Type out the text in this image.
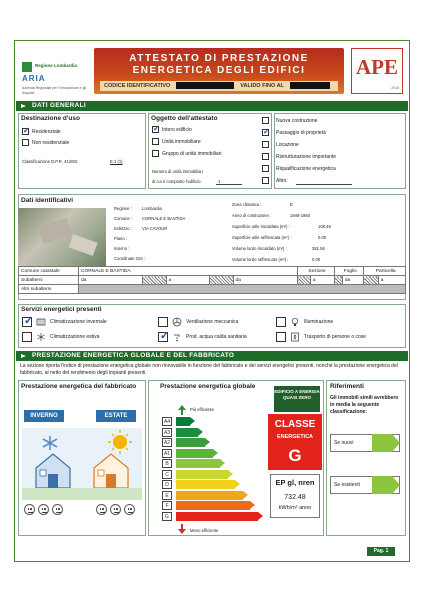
Regione Lombardia
ARIA
Azienda Regionale per l'Innovazione e gli Acquisti
ATTESTATO DI PRESTAZIONE
ENERGETICA DEGLI EDIFICI
CODICE IDENTIFICATIVO	VALIDO FINO AL
APE
2015
DATI GENERALI
Destinazione d'uso
✓
Residenziale
Non residenziale
Classificazione D.P.R. 412/93:	E.1 (1)
Oggetto dell'attestato
✓
Intero edificio
Unità immobiliare
Gruppo di unità immobiliari
Numero di unità immobiliari
di cui è composto l'edificio:	1
Nuova costruzione
✓
Passaggio di proprietà
Locazione
Ristrutturazione importante
Riqualificazione energetica
Altro:
Dati identificativi
Regione : Lombardia
Comune : CORNALE E BASTIDA
Indirizzo : VIA CAVOUR
Piano :
Interno :
Coordinate GIS :
Zona climatica :	E
Anno di costruzione :	1946-1960
Superficie utile riscaldata (m²) :	108.48
Superficie utile raffrescata (m²) :	0.00
Volume lordo riscaldato (m³) :	381.56
Volume lordo raffrescato (m³) :	0.00
Comune catastale	CORNALE E BASTIDA					Sezione		Foglio		Particella	
Subalterni	da		a		da		a		da		a
Altri subalterni											
Servizi energetici presenti
✓
Climatizzazione invernale
Climatizzazione estiva
Ventilazione meccanica
✓
Prod. acqua calda sanitaria
Illuminazione
Trasporto di persone o cose
PRESTAZIONE ENERGETICA GLOBALE E DEL FABBRICATO
La sezione riporta l'indice di prestazione energetica globale non rinnovabile in funzione del fabbricato e dei servizi energetici presenti, nonché la prestazione energetica del fabbricato, al netto del rendimento degli impianti presenti.
Prestazione energetica del fabbricato
INVERNO	ESTATE
Prestazione energetica globale
Più efficiente
A4
A3
A2
A1
B
C
D
E
F
G
Meno efficiente
EDIFICIO A ENERGIA QUASI ZERO
CLASSE
ENERGETICA
G
EP gl, nren
732.48
kWh/m² anno
Riferimenti
Gli immobili simili avrebbero in media la seguente classificazione:
Se nuovi
Se esistenti
Pag. 1
